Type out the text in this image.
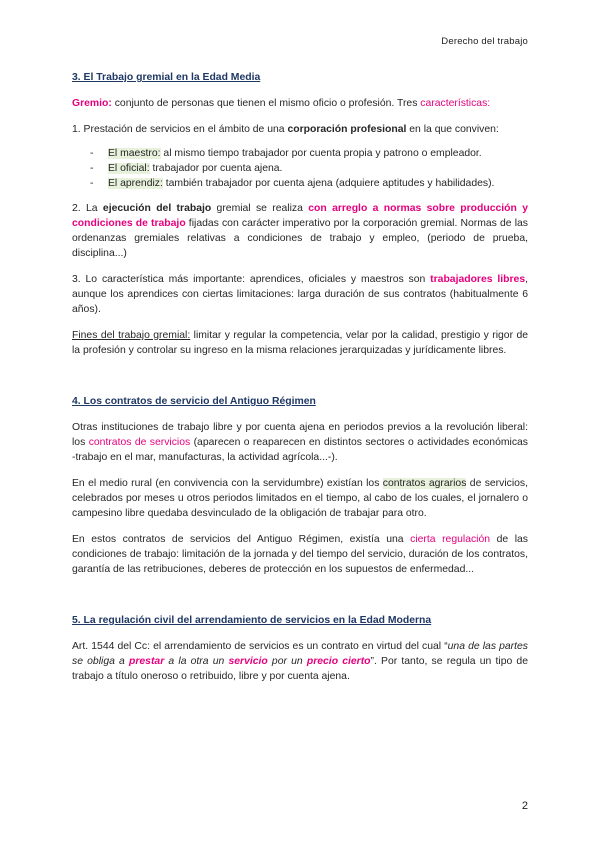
Derecho del trabajo

3. El Trabajo gremial en la Edad Media

Gremio: conjunto de personas que tienen el mismo oficio o profesión. Tres características:

1. Prestación de servicios en el ámbito de una corporación profesional en la que conviven:

- El maestro: al mismo tiempo trabajador por cuenta propia y patrono o empleador.
- El oficial: trabajador por cuenta ajena.
- El aprendiz: también trabajador por cuenta ajena (adquiere aptitudes y habilidades).

2. La ejecución del trabajo gremial se realiza con arreglo a normas sobre producción y condiciones de trabajo fijadas con carácter imperativo por la corporación gremial. Normas de las ordenanzas gremiales relativas a condiciones de trabajo y empleo, (periodo de prueba, disciplina...)

3. Lo característica más importante: aprendices, oficiales y maestros son trabajadores libres, aunque los aprendices con ciertas limitaciones: larga duración de sus contratos (habitualmente 6 años).

Fines del trabajo gremial: limitar y regular la competencia, velar por la calidad, prestigio y rigor de la profesión y controlar su ingreso en la misma relaciones jerarquizadas y jurídicamente libres.

4. Los contratos de servicio del Antiguo Régimen

Otras instituciones de trabajo libre y por cuenta ajena en periodos previos a la revolución liberal: los contratos de servicios (aparecen o reaparecen en distintos sectores o actividades económicas -trabajo en el mar, manufacturas, la actividad agrícola...-).

En el medio rural (en convivencia con la servidumbre) existían los contratos agrarios de servicios, celebrados por meses u otros periodos limitados en el tiempo, al cabo de los cuales, el jornalero o campesino libre quedaba desvinculado de la obligación de trabajar para otro.

En estos contratos de servicios del Antiguo Régimen, existía una cierta regulación de las condiciones de trabajo: limitación de la jornada y del tiempo del servicio, duración de los contratos, garantía de las retribuciones, deberes de protección en los supuestos de enfermedad...

5. La regulación civil del arrendamiento de servicios en la Edad Moderna

Art. 1544 del Cc: el arrendamiento de servicios es un contrato en virtud del cual “una de las partes se obliga a prestar a la otra un servicio por un precio cierto”. Por tanto, se regula un tipo de trabajo a título oneroso o retribuido, libre y por cuenta ajena.

2
